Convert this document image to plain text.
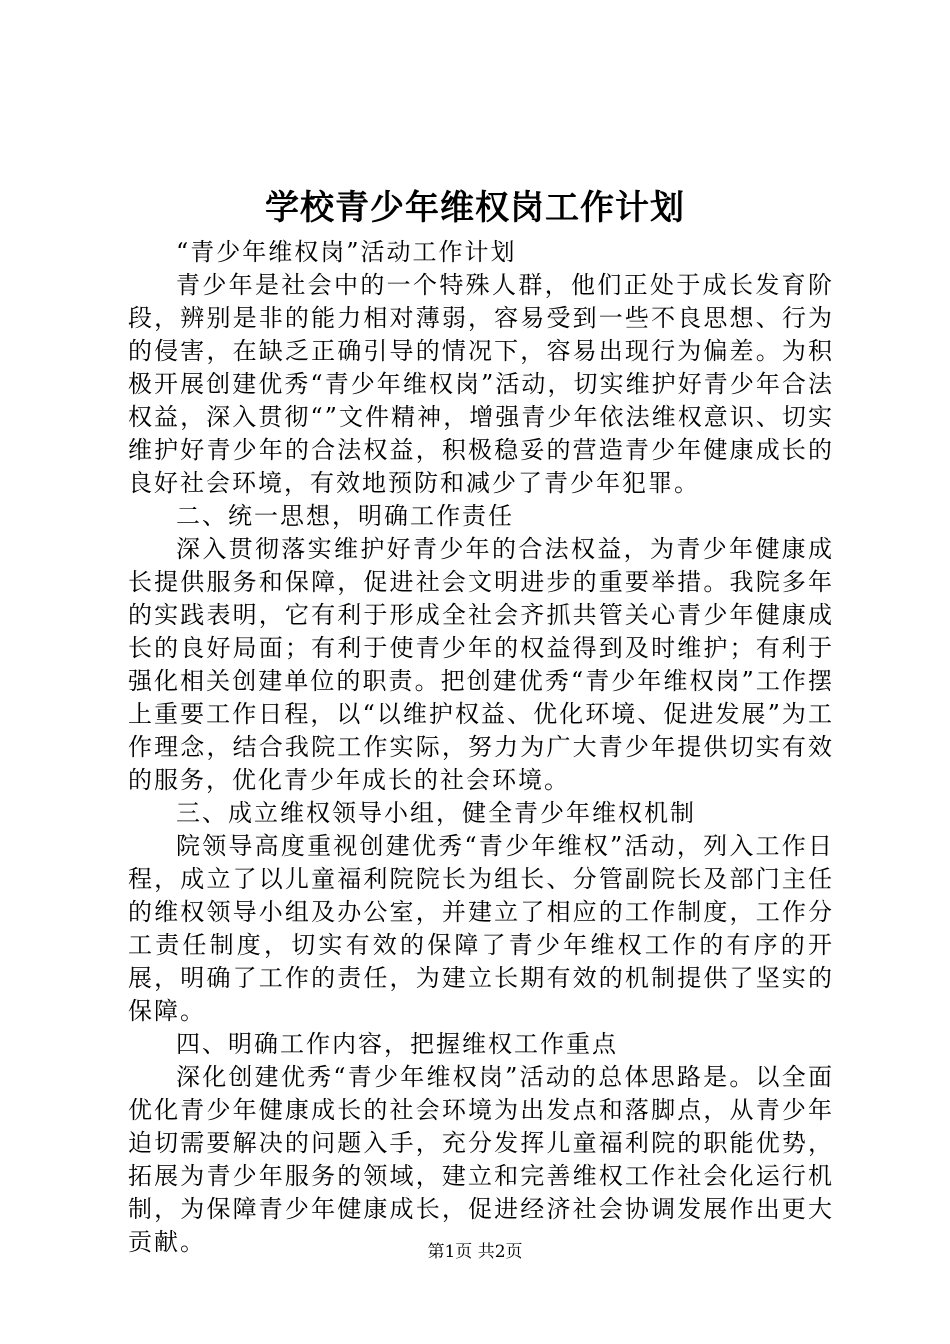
学校青少年维权岗工作计划

“青少年维权岗”活动工作计划

青少年是社会中的一个特殊人群，他们正处于成长发育阶段，辨别是非的能力相对薄弱，容易受到一些不良思想、行为的侵害，在缺乏正确引导的情况下，容易出现行为偏差。为积极开展创建优秀“青少年维权岗”活动，切实维护好青少年合法权益，深入贯彻“”文件精神，增强青少年依法维权意识、切实维护好青少年的合法权益，积极稳妥的营造青少年健康成长的良好社会环境，有效地预防和减少了青少年犯罪。

二、统一思想，明确工作责任

深入贯彻落实维护好青少年的合法权益，为青少年健康成长提供服务和保障，促进社会文明进步的重要举措。我院多年的实践表明，它有利于形成全社会齐抓共管关心青少年健康成长的良好局面；有利于使青少年的权益得到及时维护；有利于强化相关创建单位的职责。把创建优秀“青少年维权岗”工作摆上重要工作日程，以“以维护权益、优化环境、促进发展”为工作理念，结合我院工作实际，努力为广大青少年提供切实有效的服务，优化青少年成长的社会环境。

三、成立维权领导小组，健全青少年维权机制

院领导高度重视创建优秀“青少年维权”活动，列入工作日程，成立了以儿童福利院院长为组长、分管副院长及部门主任的维权领导小组及办公室，并建立了相应的工作制度，工作分工责任制度，切实有效的保障了青少年维权工作的有序的开展，明确了工作的责任，为建立长期有效的机制提供了坚实的保障。

四、明确工作内容，把握维权工作重点

深化创建优秀“青少年维权岗”活动的总体思路是。以全面优化青少年健康成长的社会环境为出发点和落脚点，从青少年迫切需要解决的问题入手，充分发挥儿童福利院的职能优势，拓展为青少年服务的领域，建立和完善维权工作社会化运行机制，为保障青少年健康成长，促进经济社会协调发展作出更大贡献。	第1页 共2页
